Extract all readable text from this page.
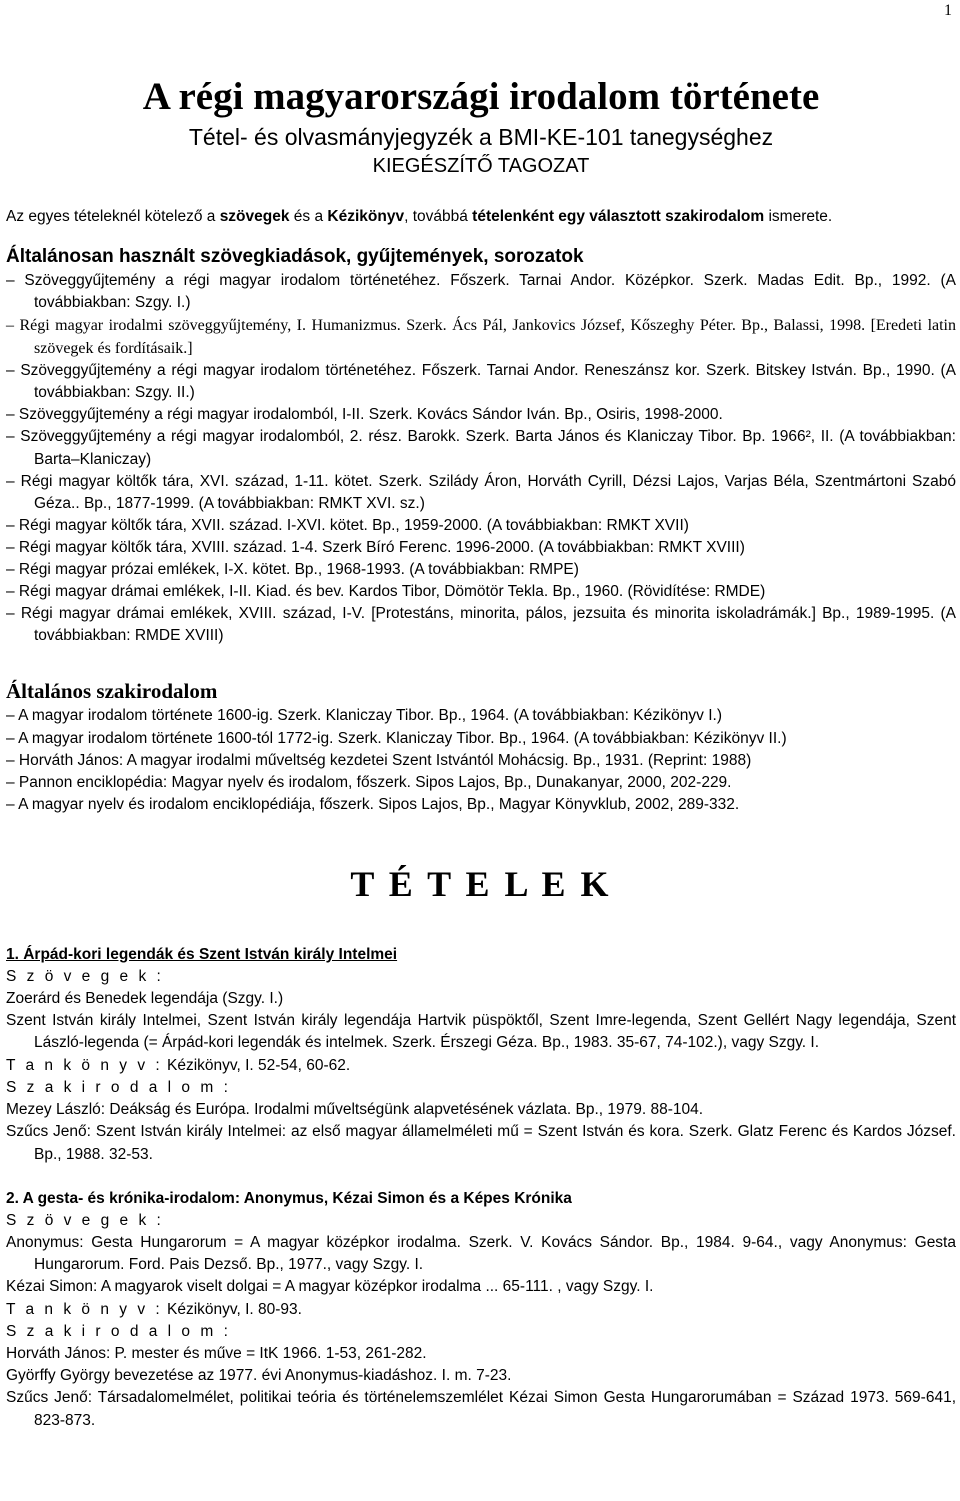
1
A régi magyarországi irodalom története
Tétel- és olvasmányjegyzék a BMI-KE-101 tanegységhez
KIEGÉSZÍTŐ TAGOZAT
Az egyes tételeknél kötelező a szövegek és a Kézikönyv, továbbá tételenként egy választott szakirodalom ismerete.
Általánosan használt szövegkiadások, gyűjtemények, sorozatok
– Szöveggyűjtemény a régi magyar irodalom történetéhez. Főszerk. Tarnai Andor. Középkor. Szerk. Madas Edit. Bp., 1992. (A továbbiakban: Szgy. I.)
– Régi magyar irodalmi szöveggyűjtemény, I. Humanizmus. Szerk. Ács Pál, Jankovics József, Kőszeghy Péter. Bp., Balassi, 1998. [Eredeti latin szövegek és fordításaik.]
– Szöveggyűjtemény a régi magyar irodalom történetéhez. Főszerk. Tarnai Andor. Reneszánsz kor. Szerk. Bitskey István. Bp., 1990. (A továbbiakban: Szgy. II.)
– Szöveggyűjtemény a régi magyar irodalomból, I-II. Szerk. Kovács Sándor Iván. Bp., Osiris, 1998-2000.
– Szöveggyűjtemény a régi magyar irodalomból, 2. rész. Barokk. Szerk. Barta János és Klaniczay Tibor. Bp. 1966², II. (A továbbiakban: Barta–Klaniczay)
– Régi magyar költők tára, XVI. század, 1-11. kötet. Szerk. Szilády Áron, Horváth Cyrill, Dézsi Lajos, Varjas Béla, Szentmártoni Szabó Géza.. Bp., 1877-1999. (A továbbiakban: RMKT XVI. sz.)
– Régi magyar költők tára, XVII. század. I-XVI. kötet. Bp., 1959-2000. (A továbbiakban: RMKT XVII)
– Régi magyar költők tára, XVIII. század. 1-4. Szerk Bíró Ferenc. 1996-2000. (A továbbiakban: RMKT XVIII)
– Régi magyar prózai emlékek, I-X. kötet. Bp., 1968-1993. (A továbbiakban: RMPE)
– Régi magyar drámai emlékek, I-II. Kiad. és bev. Kardos Tibor, Dömötör Tekla. Bp., 1960. (Rövidítése: RMDE)
– Régi magyar drámai emlékek, XVIII. század, I-V. [Protestáns, minorita, pálos, jezsuita és minorita iskoladrámák.] Bp., 1989-1995. (A továbbiakban: RMDE XVIII)
Általános szakirodalom
– A magyar irodalom története 1600-ig. Szerk. Klaniczay Tibor. Bp., 1964. (A továbbiakban: Kézikönyv I.)
– A magyar irodalom története 1600-tól 1772-ig. Szerk. Klaniczay Tibor. Bp., 1964. (A továbbiakban: Kézikönyv II.)
– Horváth János: A magyar irodalmi műveltség kezdetei Szent Istvántól Mohácsig. Bp., 1931. (Reprint: 1988)
– Pannon enciklopédia: Magyar nyelv és irodalom, főszerk. Sipos Lajos, Bp., Dunakanyar, 2000, 202-229.
– A magyar nyelv és irodalom enciklopédiája, főszerk. Sipos Lajos, Bp., Magyar Könyvklub, 2002, 289-332.
T É T E L E K
1. Árpád-kori legendák és Szent István király Intelmei
S z ö v e g e k :
Zoerárd és Benedek legendája (Szgy. I.)
Szent István király Intelmei, Szent István király legendája Hartvik püspöktől, Szent Imre-legenda, Szent Gellért Nagy legendája, Szent László-legenda (= Árpád-kori legendák és intelmek. Szerk. Érszegi Géza. Bp., 1983. 35-67, 74-102.), vagy Szgy. I.
T a n k ö n y v : Kézikönyv, I. 52-54, 60-62.
S z a k i r o d a l o m :
Mezey László: Deákság és Európa. Irodalmi műveltségünk alapvetésének vázlata. Bp., 1979. 88-104.
Szűcs Jenő: Szent István király Intelmei: az első magyar államelméleti mű = Szent István és kora. Szerk. Glatz Ferenc és Kardos József. Bp., 1988. 32-53.
2. A gesta- és krónika-irodalom: Anonymus, Kézai Simon és a Képes Krónika
S z ö v e g e k :
Anonymus: Gesta Hungarorum = A magyar középkor irodalma. Szerk. V. Kovács Sándor. Bp., 1984. 9-64., vagy Anonymus: Gesta Hungarorum. Ford. Pais Dezső. Bp., 1977., vagy Szgy. I.
Kézai Simon: A magyarok viselt dolgai = A magyar középkor irodalma ... 65-111. , vagy Szgy. I.
T a n k ö n y v : Kézikönyv, I. 80-93.
S z a k i r o d a l o m :
Horváth János: P. mester és műve = ItK 1966. 1-53, 261-282.
Györffy György bevezetése az 1977. évi Anonymus-kiadáshoz. I. m. 7-23.
Szűcs Jenő: Társadalomelmélet, politikai teória és történelemszemlélet Kézai Simon Gesta Hungarorumában = Század 1973. 569-641, 823-873.
